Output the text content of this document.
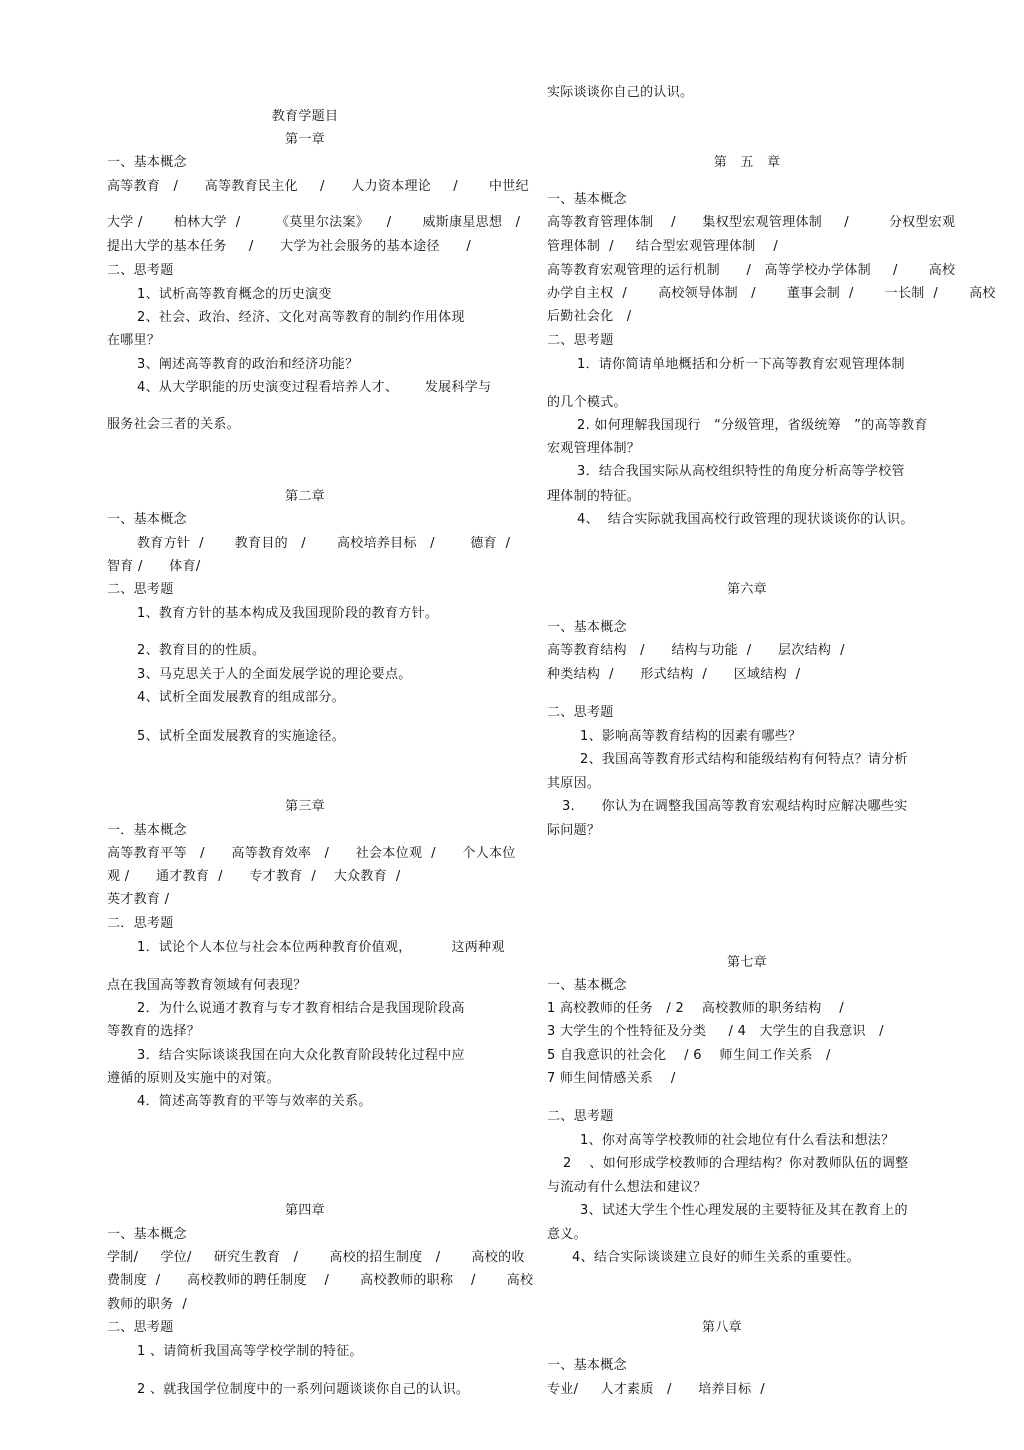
教育学题目
第一章
一、基本概念
高等教育   /      高等教育民主化     /      人力资本理论     /       中世纪
大学 /       柏林大学  /        《莫里尔法案》    /       威斯康星思想   /
提出大学的基本任务     /      大学为社会服务的基本途径      /
二、思考题
1、试析高等教育概念的历史演变
2、社会、政治、经济、文化对高等教育的制约作用体现
在哪里？
3、阐述高等教育的政治和经济功能？
4、从大学职能的历史演变过程看培养人才、      发展科学与
服务社会三者的关系。
第二章
一、基本概念
教育方针  /       教育目的   /       高校培养目标   /        德育  /
智育 /      体育/
二、思考题
1、教育方针的基本构成及我国现阶段的教育方针。
2、教育目的的性质。
3、马克思关于人的全面发展学说的理论要点。
4、试析全面发展教育的组成部分。
5、试析全面发展教育的实施途径。
第三章
一．基本概念
高等教育平等   /      高等教育效率   /      社会本位观  /      个人本位
观 /      通才教育  /      专才教育  /    大众教育  /
英才教育 /
二．思考题
1．试论个人本位与社会本位两种教育价值观，         这两种观
点在我国高等教育领域有何表现？
2．为什么说通才教育与专才教育相结合是我国现阶段高
等教育的选择？
3．结合实际谈谈我国在向大众化教育阶段转化过程中应
遵循的原则及实施中的对策。
4．简述高等教育的平等与效率的关系。
第四章
一、基本概念
学制/     学位/     研究生教育   /       高校的招生制度   /       高校的收
费制度  /      高校教师的聘任制度    /       高校教师的职称    /       高校
教师的职务  /
二、思考题
1 、请简析我国高等学校学制的特征。
2 、就我国学位制度中的一系列问题谈谈你自己的认识。
实际谈谈你自己的认识。
第   五   章
一、基本概念
高等教育管理体制    /      集权型宏观管理体制     /         分权型宏观
管理体制  /     结合型宏观管理体制    /
高等教育宏观管理的运行机制      /   高等学校办学体制     /       高校
办学自主权  /       高校领导体制   /       董事会制  /       一长制  /       高校
后勤社会化   /
二、思考题
1．请你简请单地概括和分析一下高等教育宏观管理体制
的几个模式。
2. 如何理解我国现行   “分级管理，省级统筹   ”的高等教育
宏观管理体制？
3．结合我国实际从高校组织特性的角度分析高等学校管
理体制的特征。
4、  结合实际就我国高校行政管理的现状谈谈你的认识。
第六章
一、基本概念
高等教育结构   /      结构与功能  /      层次结构  /
种类结构  /      形式结构  /      区域结构  /
二、思考题
1、影响高等教育结构的因素有哪些？
2、我国高等教育形式结构和能级结构有何特点？请分析
其原因。
3.      你认为在调整我国高等教育宏观结构时应解决哪些实
际问题？
第七章
一、基本概念
1 高校教师的任务   / 2    高校教师的职务结构    /
3 大学生的个性特征及分类     / 4   大学生的自我意识   /
5 自我意识的社会化    / 6    师生间工作关系   /
7 师生间情感关系    /
二、思考题
1、你对高等学校教师的社会地位有什么看法和想法？
2    、如何形成学校教师的合理结构？你对教师队伍的调整
与流动有什么想法和建议？
3、试述大学生个性心理发展的主要特征及其在教育上的
意义。
4、结合实际谈谈建立良好的师生关系的重要性。
第八章
一、基本概念
专业/     人才素质   /      培养目标  /
